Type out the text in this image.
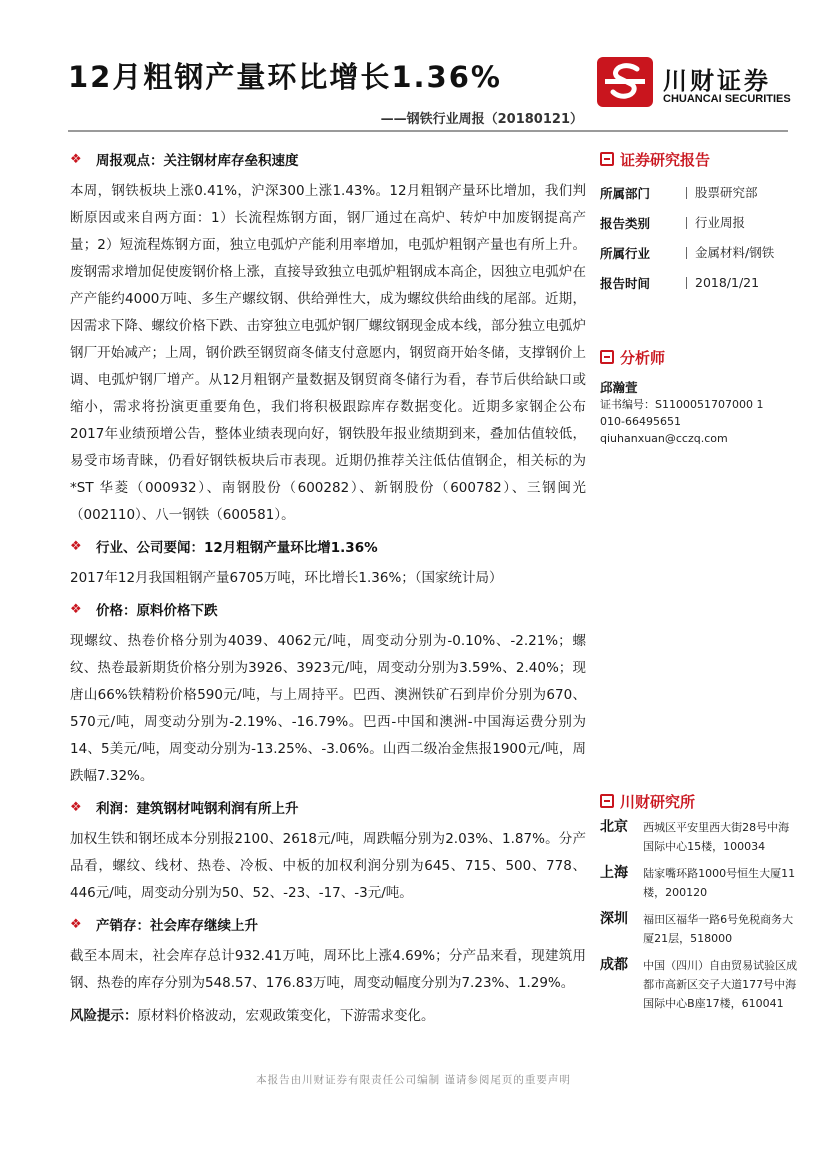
12月粗钢产量环比增长1.36%
——钢铁行业周报（20180121）
川财证券
CHUANCAI SECURITIES
❖	周报观点：关注钢材库存垒积速度
本周，钢铁板块上涨0.41%，沪深300上涨1.43%。12月粗钢产量环比增加，我们判断原因或来自两方面：1）长流程炼钢方面，钢厂通过在高炉、转炉中加废钢提高产量；2）短流程炼钢方面，独立电弧炉产能利用率增加，电弧炉粗钢产量也有所上升。废钢需求增加促使废钢价格上涨，直接导致独立电弧炉粗钢成本高企，因独立电弧炉在产产能约4000万吨、多生产螺纹钢、供给弹性大，成为螺纹供给曲线的尾部。近期，因需求下降、螺纹价格下跌、击穿独立电弧炉钢厂螺纹钢现金成本线，部分独立电弧炉钢厂开始减产；上周，钢价跌至钢贸商冬储支付意愿内，钢贸商开始冬储，支撑钢价上调、电弧炉钢厂增产。从12月粗钢产量数据及钢贸商冬储行为看，春节后供给缺口或缩小，需求将扮演更重要角色，我们将积极跟踪库存数据变化。近期多家钢企公布2017年业绩预增公告，整体业绩表现向好，钢铁股年报业绩期到来，叠加估值较低，易受市场青睐，仍看好钢铁板块后市表现。近期仍推荐关注低估值钢企，相关标的为*ST 华菱（000932）、南钢股份（600282）、新钢股份（600782）、三钢闽光（002110）、八一钢铁（600581）。
❖	行业、公司要闻：12月粗钢产量环比增1.36%
2017年12月我国粗钢产量6705万吨，环比增长1.36%；（国家统计局）
❖	价格：原料价格下跌
现螺纹、热卷价格分别为4039、4062元/吨，周变动分别为-0.10%、-2.21%；螺纹、热卷最新期货价格分别为3926、3923元/吨，周变动分别为3.59%、2.40%；现唐山66%铁精粉价格590元/吨，与上周持平。巴西、澳洲铁矿石到岸价分别为670、570元/吨，周变动分别为-2.19%、-16.79%。巴西-中国和澳洲-中国海运费分别为14、5美元/吨，周变动分别为-13.25%、-3.06%。山西二级冶金焦报1900元/吨，周跌幅7.32%。
❖	利润：建筑钢材吨钢利润有所上升
加权生铁和钢坯成本分别报2100、2618元/吨，周跌幅分别为2.03%、1.87%。分产品看，螺纹、线材、热卷、冷板、中板的加权利润分别为645、715、500、778、446元/吨，周变动分别为50、52、-23、-17、-3元/吨。
❖	产销存：社会库存继续上升
截至本周末，社会库存总计932.41万吨，周环比上涨4.69%；分产品来看，现建筑用钢、热卷的库存分别为548.57、176.83万吨，周变动幅度分别为7.23%、1.29%。
风险提示：原材料价格波动，宏观政策变化，下游需求变化。
证券研究报告
所属部门	股票研究部
报告类别	行业周报
所属行业	金属材料/钢铁
报告时间	2018/1/21
分析师
邱瀚萱
证书编号：S1100051707000 1
010-66495651
qiuhanxuan@cczq.com
川财研究所
北京	西城区平安里西大街28号中海国际中心15楼，100034
上海	陆家嘴环路1000号恒生大厦11楼，200120
深圳	福田区福华一路6号免税商务大厦21层，518000
成都	中国（四川）自由贸易试验区成都市高新区交子大道177号中海国际中心B座17楼，610041
本报告由川财证券有限责任公司编制 谨请参阅尾页的重要声明
